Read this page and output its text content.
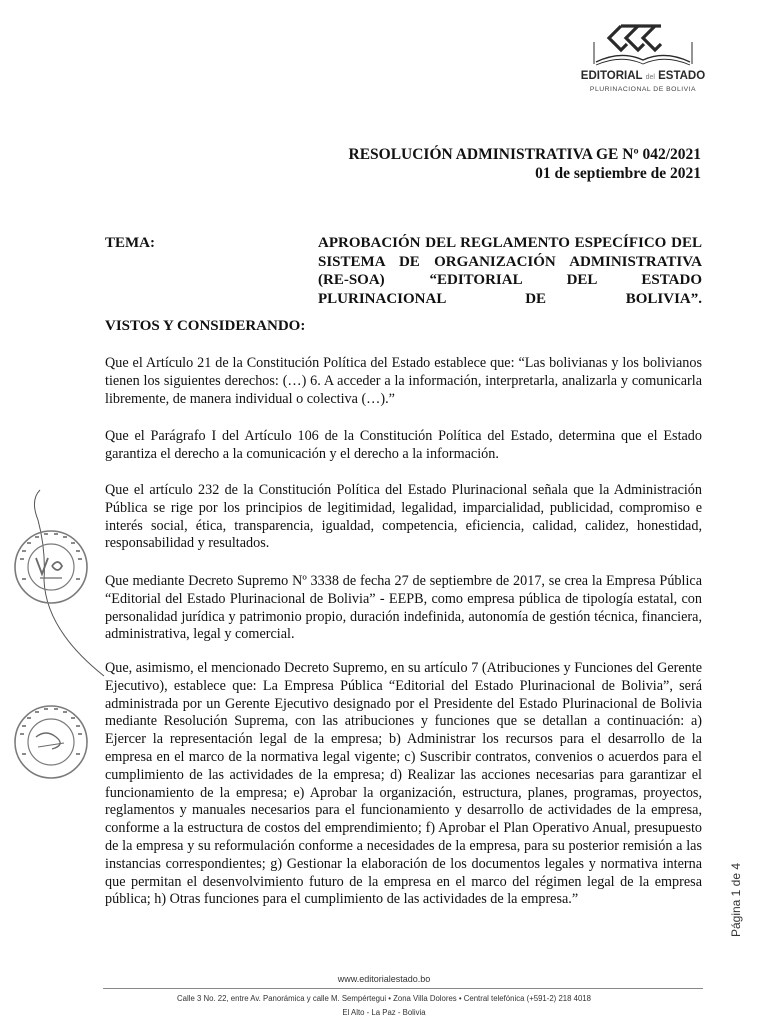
EDITORIAL del ESTADO
PLURINACIONAL DE BOLIVIA
RESOLUCIÓN ADMINISTRATIVA GE Nº 042/2021
01 de septiembre de 2021
TEMA:	APROBACIÓN DEL REGLAMENTO ESPECÍFICO DEL SISTEMA DE ORGANIZACIÓN ADMINISTRATIVA (RE-SOA) “EDITORIAL DEL ESTADO PLURINACIONAL DE BOLIVIA”.
VISTOS Y CONSIDERANDO:

Que el Artículo 21 de la Constitución Política del Estado establece que: “Las bolivianas y los bolivianos tienen los siguientes derechos: (…) 6. A acceder a la información, interpretarla, analizarla y comunicarla libremente, de manera individual o colectiva (…).”

Que el Parágrafo I del Artículo 106 de la Constitución Política del Estado, determina que el Estado garantiza el derecho a la comunicación y el derecho a la información.

Que el artículo 232 de la Constitución Política del Estado Plurinacional señala que la Administración Pública se rige por los principios de legitimidad, legalidad, imparcialidad, publicidad, compromiso e interés social, ética, transparencia, igualdad, competencia, eficiencia, calidad, calidez, honestidad, responsabilidad y resultados.

Que mediante Decreto Supremo Nº 3338 de fecha 27 de septiembre de 2017, se crea la Empresa Pública “Editorial del Estado Plurinacional de Bolivia” - EEPB, como empresa pública de tipología estatal, con personalidad jurídica y patrimonio propio, duración indefinida, autonomía de gestión técnica, financiera, administrativa, legal y comercial.

Que, asimismo, el mencionado Decreto Supremo, en su artículo 7 (Atribuciones y Funciones del Gerente Ejecutivo), establece que: La Empresa Pública “Editorial del Estado Plurinacional de Bolivia”, será administrada por un Gerente Ejecutivo designado por el Presidente del Estado Plurinacional de Bolivia mediante Resolución Suprema, con las atribuciones y funciones que se detallan a continuación: a) Ejercer la representación legal de la empresa; b) Administrar los recursos para el desarrollo de la empresa en el marco de la normativa legal vigente; c) Suscribir contratos, convenios o acuerdos para el cumplimiento de las actividades de la empresa; d) Realizar las acciones necesarias para garantizar el funcionamiento de la empresa; e) Aprobar la organización, estructura, planes, programas, proyectos, reglamentos y manuales necesarios para el funcionamiento y desarrollo de actividades de la empresa, conforme a la estructura de costos del emprendimiento; f) Aprobar el Plan Operativo Anual, presupuesto de la empresa y su reformulación conforme a necesidades de la empresa, para su posterior remisión a las instancias correspondientes; g) Gestionar la elaboración de los documentos legales y normativa interna que permitan el desenvolvimiento futuro de la empresa en el marco del régimen legal de la empresa pública; h) Otras funciones para el cumplimiento de las actividades de la empresa.”	Página 1 de 4
www.editorialestado.bo
Calle 3 No. 22, entre Av. Panorámica y calle M. Sempértegui • Zona Villa Dolores • Central telefónica (+591-2) 218 4018
El Alto - La Paz - Bolivia
